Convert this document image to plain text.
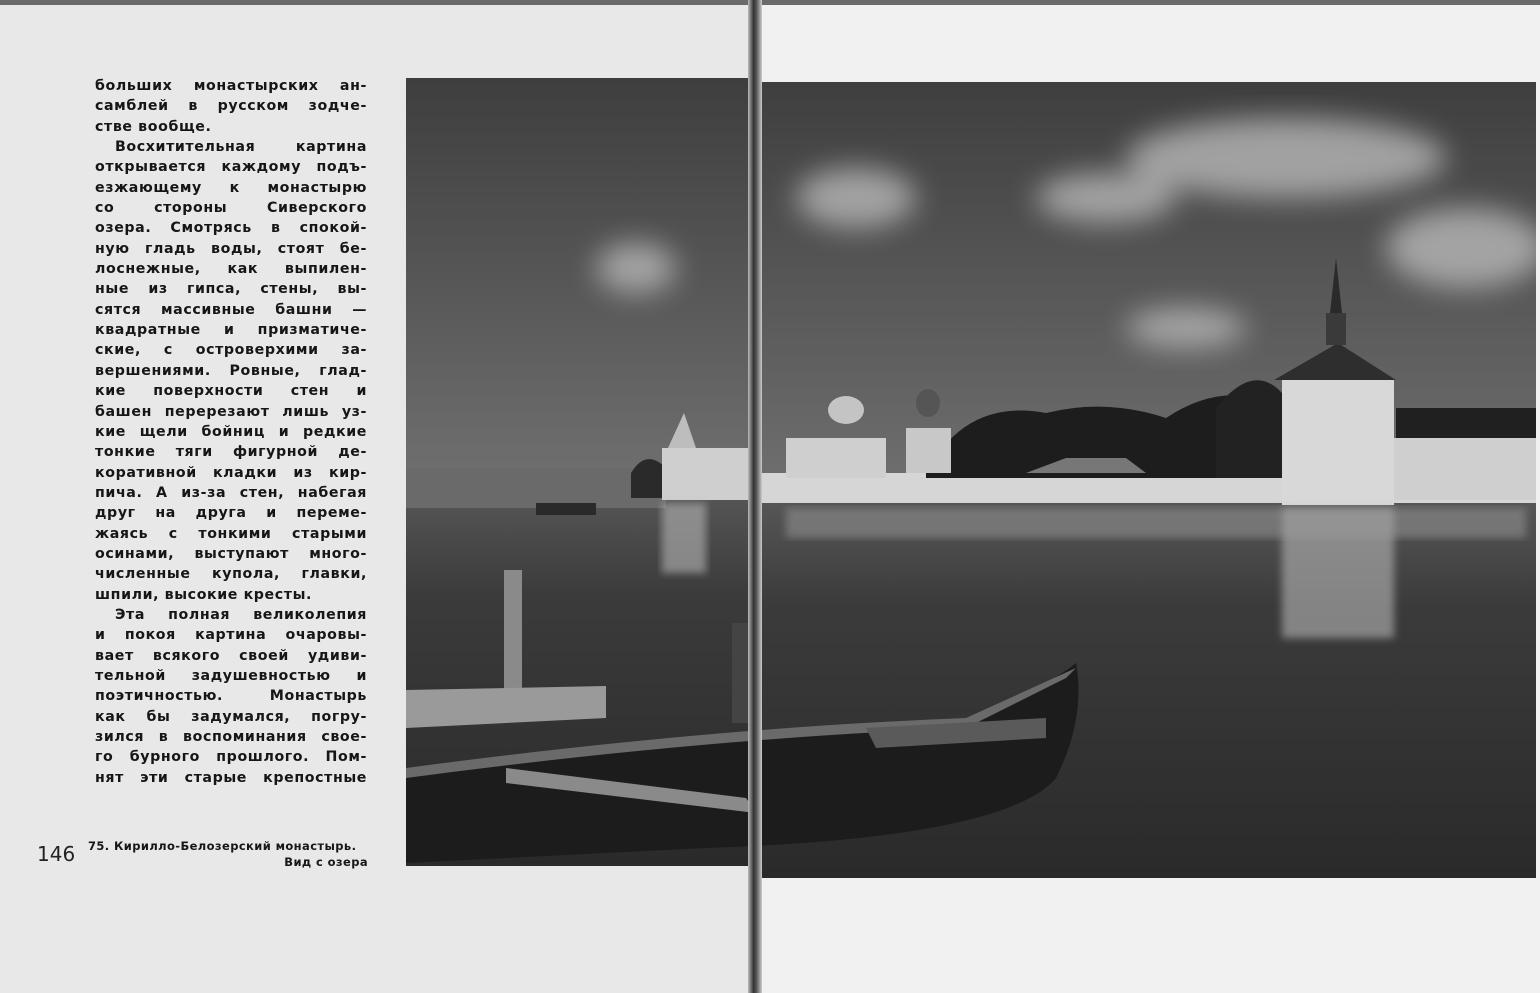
больших монастырских ан-
самблей в русском зодче-
стве вообще.
Восхитительная картина
открывается каждому подъ-
езжающему к монастырю
со стороны Сиверского
озера. Смотрясь в спокой-
ную гладь воды, стоят бе-
лоснежные, как выпилен-
ные из гипса, стены, вы-
сятся массивные башни —
квадратные и призматиче-
ские, с островерхими за-
вершениями. Ровные, глад-
кие поверхности стен и
башен перерезают лишь уз-
кие щели бойниц и редкие
тонкие тяги фигурной де-
коративной кладки из кир-
пича. А из-за стен, набегая
друг на друга и переме-
жаясь с тонкими старыми
осинами, выступают много-
численные купола, главки,
шпили, высокие кресты.
Эта полная великолепия
и покоя картина очаровы-
вает всякого своей удиви-
тельной задушевностью и
поэтичностью. Монастырь
как бы задумался, погру-
зился в воспоминания свое-
го бурного прошлого. Пом-
нят эти старые крепостные
146 75. Кирилло-Белозерский монастырь.
Вид с озера
